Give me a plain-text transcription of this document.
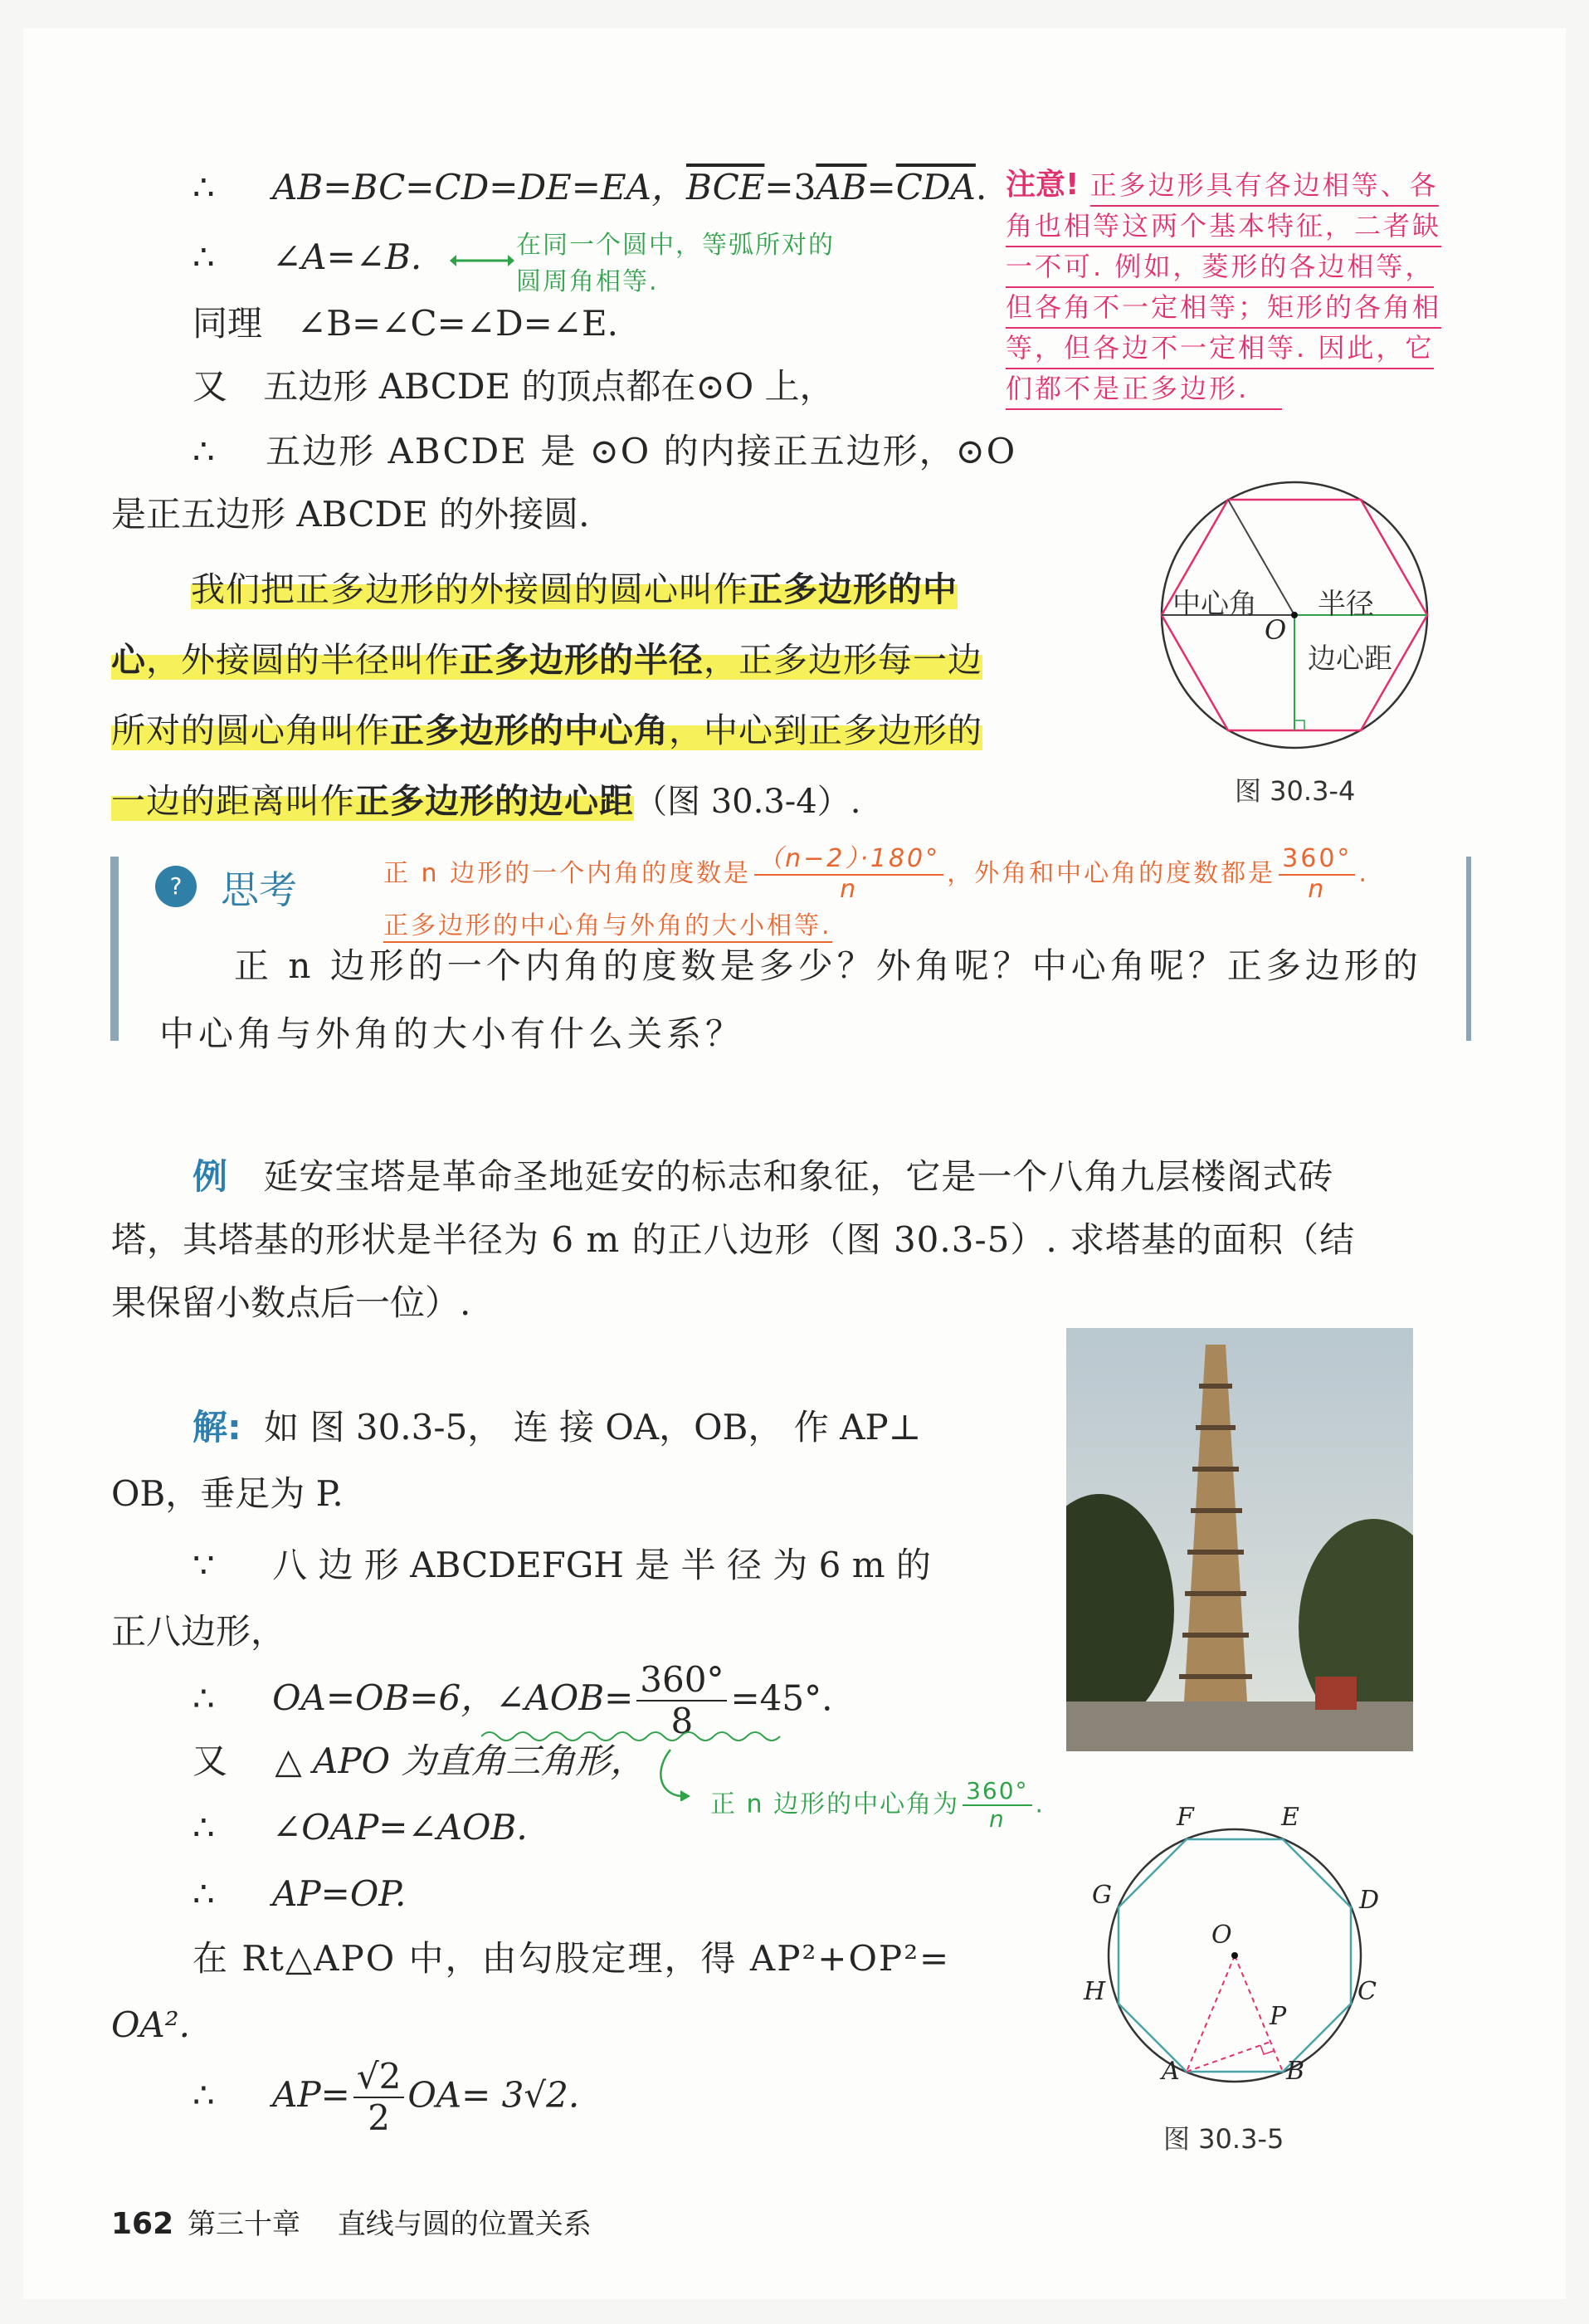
∴ AB=BC=CD=DE=EA，$\overline{BCE}=3\overline{AB}=\overline{CDA}$.
∴ ∠A=∠B.	在同一个圆中，等弧所对的
圆周角相等.
同理　∠B=∠C=∠D=∠E.
又 五边形 ABCDE 的顶点都在⊙O 上，
∴ 五边形 ABCDE 是 ⊙O 的内接正五边形，⊙O
是正五边形 ABCDE 的外接圆.
我们把正多边形的外接圆的圆心叫作正多边形的中
心，外接圆的半径叫作正多边形的半径，正多边形每一边
所对的圆心角叫作正多边形的中心角，中心到正多边形的
一边的距离叫作正多边形的边心距（图 30.3-4）.
注意! 正多边形具有各边相等、各
角也相等这两个基本特征，二者缺
一不可. 例如，菱形的各边相等，
但各角不一定相等；矩形的各角相
等，但各边不一定相等. 因此，它
们都不是正多边形.
中心角 半径
O
边心距
图 30.3-4
?	思考	正 n 边形的一个内角的度数是 $\frac{(n-2)\cdot 180^\circ}{n}$ ，外角和中心角的度数都是 $\frac{360^\circ}{n}$ .
正多边形的中心角与外角的大小相等.
正 n 边形的一个内角的度数是多少？外角呢？中心角呢？正多边形的
中心角与外角的大小有什么关系？
例 延安宝塔是革命圣地延安的标志和象征，它是一个八角九层楼阁式砖
塔，其塔基的形状是半径为 6 m 的正八边形（图 30.3-5）. 求塔基的面积（结
果保留小数点后一位）.
解: 如 图 30.3-5， 连 接 OA，OB， 作 AP⊥
OB，垂足为 P.
∵ 八 边 形 ABCDEFGH 是 半 径 为 6 m 的
正八边形，
∴ OA=OB=6，∠AOB= $\frac{360^\circ}{8} =45^\circ$.
又 △ APO 为直角三角形，
正 n 边形的中心角为 $\frac{360^\circ}{n}$ .
∴ ∠OAP=∠AOB.
∴ AP=OP.
在 Rt△APO 中，由勾股定理，得 AP²+OP²=
OA².
∴ $AP= \frac{√2}{2} OA= 3√2$.
F	E
G	D
O
H	C
P
A	B
图 30.3-5
162 第三十章 直线与圆的位置关系
